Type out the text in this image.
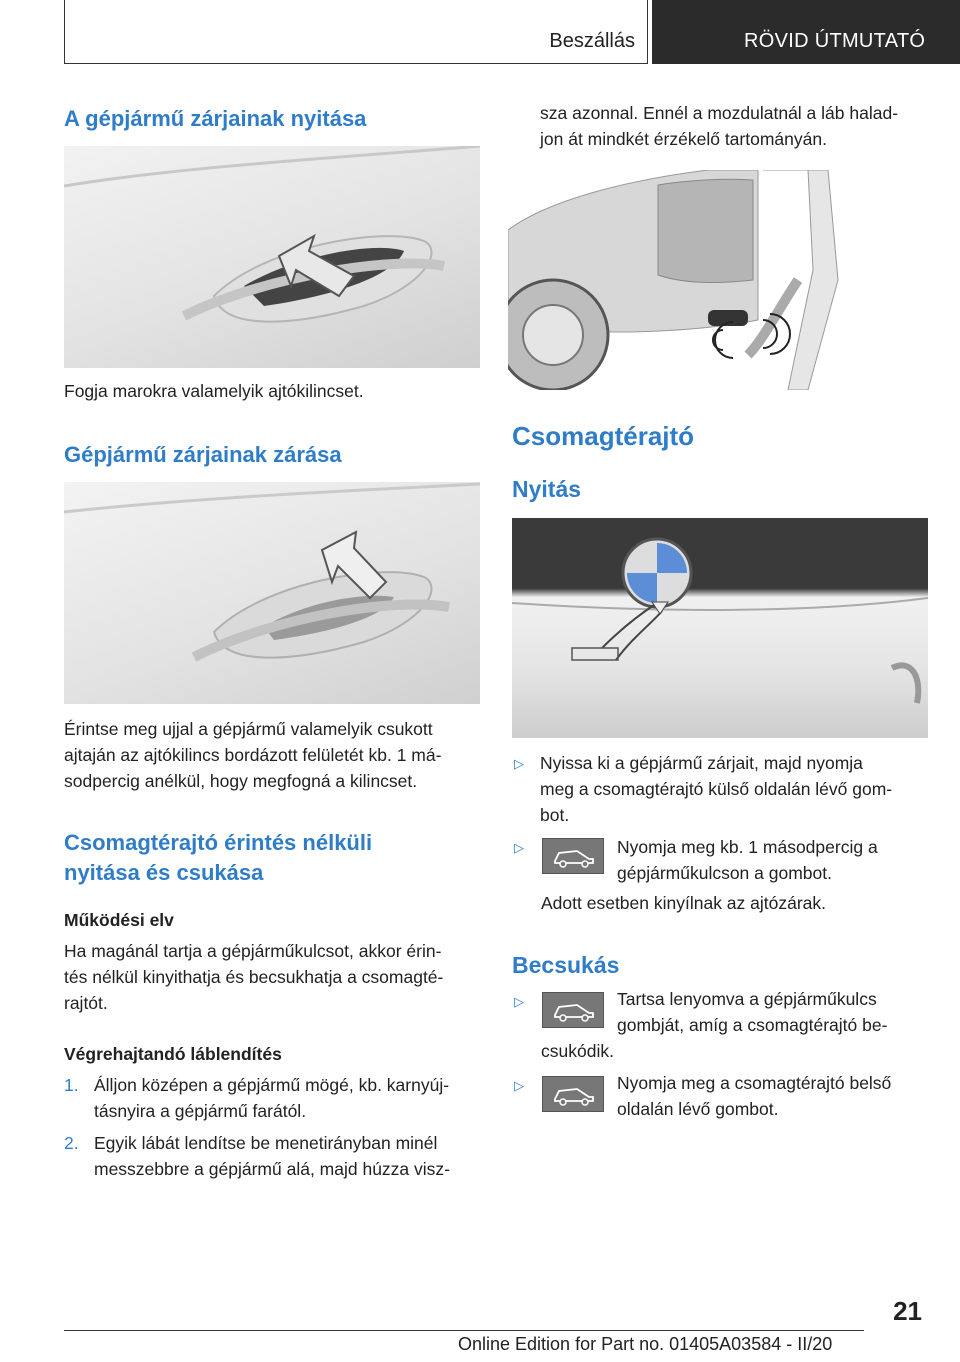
Beszállás	RÖVID ÚTMUTATÓ
A gépjármű zárjainak nyitása
Fogja marokra valamelyik ajtókilincset.
Gépjármű zárjainak zárása
Érintse meg ujjal a gépjármű valamelyik csukott
ajtaján az ajtókilincs bordázott felületét kb. 1 má-
sodpercig anélkül, hogy megfogná a kilincset.
Csomagtérajtó érintés nélküli
nyitása és csukása
Működési elv
Ha magánál tartja a gépjárműkulcsot, akkor érin-
tés nélkül kinyithatja és becsukhatja a csomagté-
rajtót.
Végrehajtandó láblendítés
1. Álljon középen a gépjármű mögé, kb. karnyúj-
tásnyira a gépjármű farától.
2. Egyik lábát lendítse be menetirányban minél
messzebbre a gépjármű alá, majd húzza visz-
sza azonnal. Ennél a mozdulatnál a láb halad-
jon át mindkét érzékelő tartományán.
Csomagtérajtó
Nyitás
▷ Nyissa ki a gépjármű zárjait, majd nyomja
meg a csomagtérajtó külső oldalán lévő gom-
bot.
▷	Nyomja meg kb. 1 másodpercig a
gépjárműkulcson a gombot.
Adott esetben kinyílnak az ajtózárak.
Becsukás
▷	Tartsa lenyomva a gépjárműkulcs
gombját, amíg a csomagtérajtó be-
csukódik.
▷	Nyomja meg a csomagtérajtó belső
oldalán lévő gombot.
21
Online Edition for Part no. 01405A03584 - II/20
